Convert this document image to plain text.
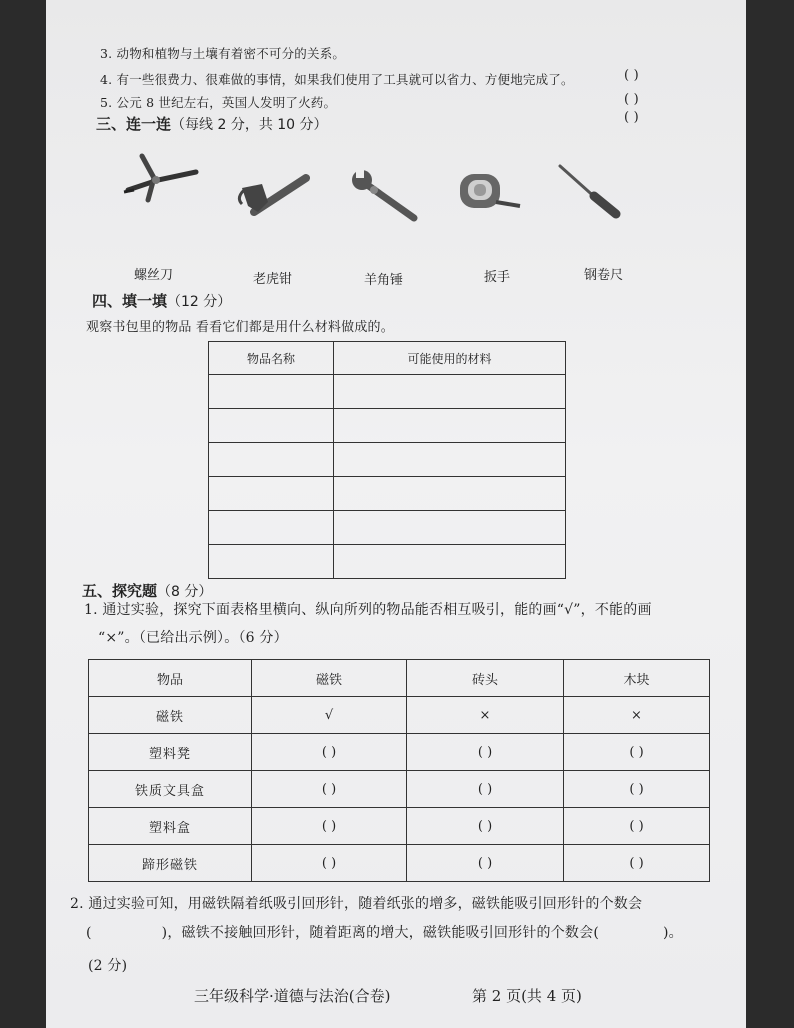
3. 动物和植物与土壤有着密不可分的关系。
( )
4. 有一些很费力、很难做的事情，如果我们使用了工具就可以省力、方便地完成了。
( )
5. 公元 8 世纪左右，英国人发明了火药。
( )
三、连一连（每线 2 分，共 10 分）
螺丝刀	老虎钳	羊角锤	扳手	钢卷尺
四、填一填（12 分）
观察书包里的物品 看看它们都是用什么材料做成的。
物品名称	可能使用的材料

五、探究题（8 分）
1. 通过实验，探究下面表格里横向、纵向所列的物品能否相互吸引，能的画“√”，不能的画
“×”。（已给出示例）。（6 分）
物品	磁铁	砖头	木块
磁铁	√	×	×
塑料凳	( )	( )	( )
铁质文具盒	( )	( )	( )
塑料盒	( )	( )	( )
蹄形磁铁	( )	( )	( )
2. 通过实验可知，用磁铁隔着纸吸引回形针，随着纸张的增多，磁铁能吸引回形针的个数会
(	)，磁铁不接触回形针，随着距离的增大，磁铁能吸引回形针的个数会(	)。
(2 分)
三年级科学·道德与法治(合卷)	第 2 页(共 4 页)
